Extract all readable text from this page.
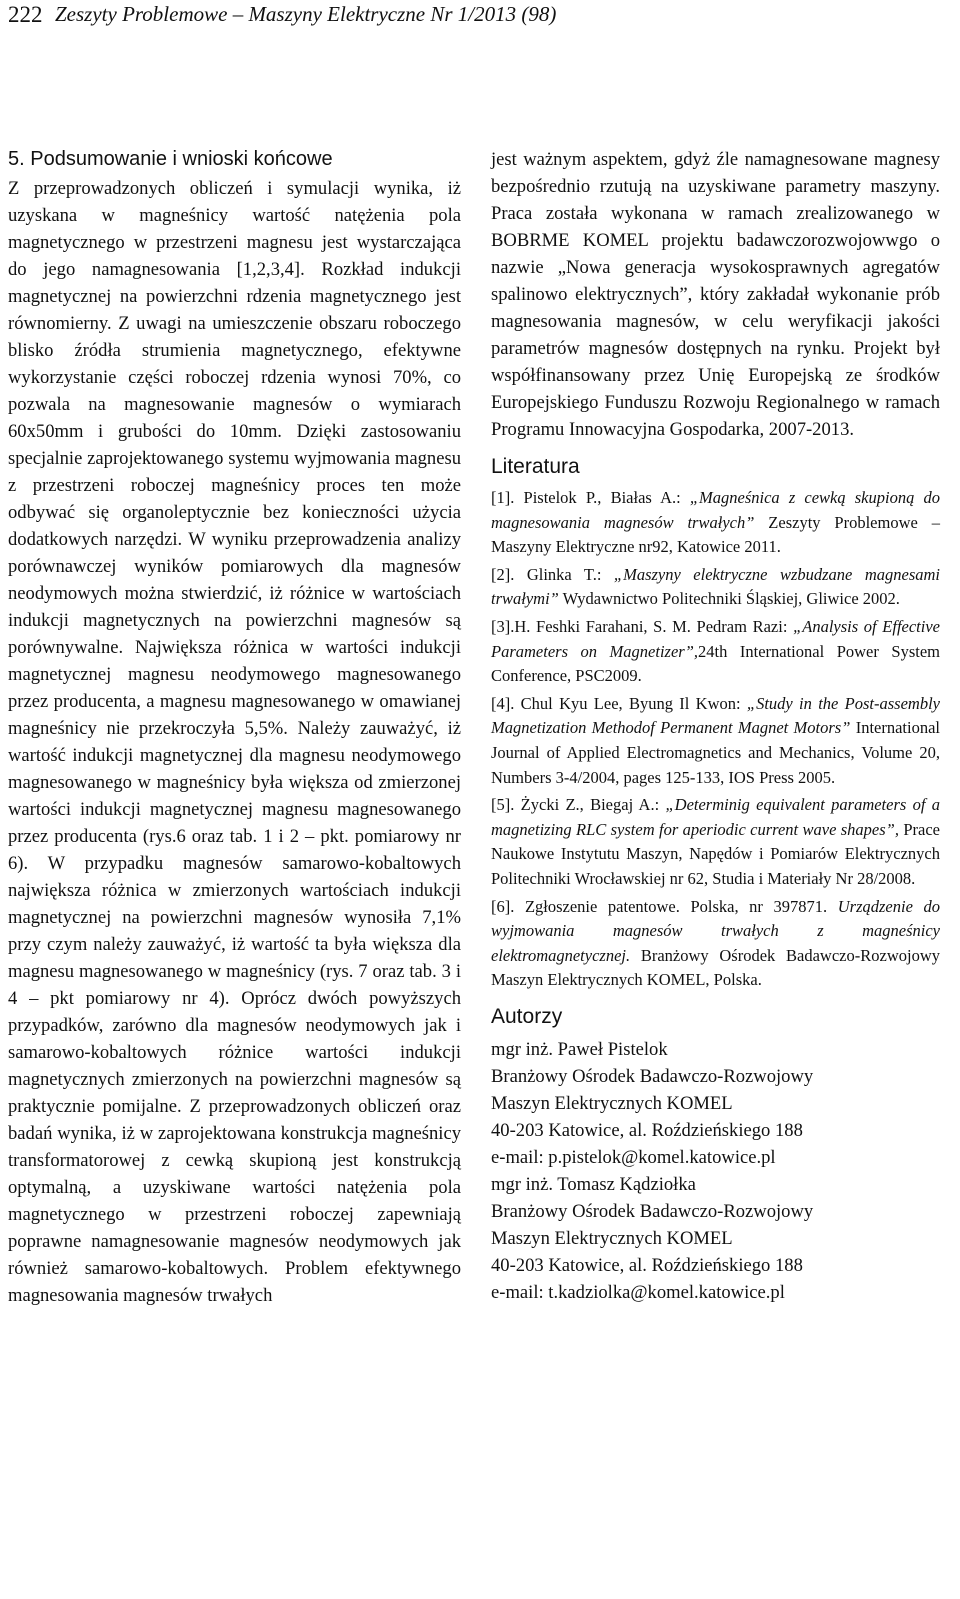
222 Zeszyty Problemowe – Maszyny Elektryczne Nr 1/2013 (98)
5. Podsumowanie i wnioski końcowe

Z przeprowadzonych obliczeń i symulacji wynika, iż uzyskana w magneśnicy wartość natężenia pola magnetycznego w przestrzeni magnesu jest wystarczająca do jego namagnesowania [1,2,3,4]. Rozkład indukcji magnetycznej na powierzchni rdzenia magnetycznego jest równomierny. Z uwagi na umieszczenie obszaru roboczego blisko źródła strumienia magnetycznego, efektywne wykorzystanie części roboczej rdzenia wynosi 70%, co pozwala na magnesowanie magnesów o wymiarach 60x50mm i grubości do 10mm. Dzięki zastosowaniu specjalnie zaprojektowanego systemu wyjmowania magnesu z przestrzeni roboczej magneśnicy proces ten może odbywać się organoleptycznie bez konieczności użycia dodatkowych narzędzi. W wyniku przeprowadzenia analizy porównawczej wyników pomiarowych dla magnesów neodymowych można stwierdzić, iż różnice w wartościach indukcji magnetycznych na powierzchni magnesów są porównywalne. Największa różnica w wartości indukcji magnetycznej magnesu neodymowego magnesowanego przez producenta, a magnesu magnesowanego w omawianej magneśnicy nie przekroczyła 5,5%. Należy zauważyć, iż wartość indukcji magnetycznej dla magnesu neodymowego magnesowanego w magneśnicy była większa od zmierzonej wartości indukcji magnetycznej magnesu magnesowanego przez producenta (rys.6 oraz tab. 1 i 2 – pkt. pomiarowy nr 6). W przypadku magnesów samarowo-kobaltowych największa różnica w zmierzonych wartościach indukcji magnetycznej na powierzchni magnesów wynosiła 7,1% przy czym należy zauważyć, iż wartość ta była większa dla magnesu magnesowanego w magneśnicy (rys. 7 oraz tab. 3 i 4 – pkt pomiarowy nr 4). Oprócz dwóch powyższych przypadków, zarówno dla magnesów neodymowych jak i samarowo-kobaltowych różnice wartości indukcji magnetycznych zmierzonych na powierzchni magnesów są praktycznie pomijalne. Z przeprowadzonych obliczeń oraz badań wynika, iż w zaprojektowana konstrukcja magneśnicy transformatorowej z cewką skupioną jest konstrukcją optymalną, a uzyskiwane wartości natężenia pola magnetycznego w przestrzeni roboczej zapewniają poprawne namagnesowanie magnesów neodymowych jak również samarowo-kobaltowych. Problem efektywnego magnesowania magnesów trwałych

jest ważnym aspektem, gdyż źle namagnesowane magnesy bezpośrednio rzutują na uzyskiwane parametry maszyny. Praca została wykonana w ramach zrealizowanego w BOBRME KOMEL projektu badawczorozwojowwgo o nazwie „Nowa generacja wysokosprawnych agregatów spalinowo elektrycznych”, który zakładał wykonanie prób magnesowania magnesów, w celu weryfikacji jakości parametrów magnesów dostępnych na rynku. Projekt był współfinansowany przez Unię Europejską ze środków Europejskiego Funduszu Rozwoju Regionalnego w ramach Programu Innowacyjna Gospodarka, 2007-2013.

Literatura

[1]. Pistelok P., Białas A.: „Magneśnica z cewką skupioną do magnesowania magnesów trwałych” Zeszyty Problemowe – Maszyny Elektryczne nr92, Katowice 2011.

[2]. Glinka T.: „Maszyny elektryczne wzbudzane magnesami trwałymi” Wydawnictwo Politechniki Śląskiej, Gliwice 2002.

[3].H. Feshki Farahani, S. M. Pedram Razi: „Analysis of Effective Parameters on Magnetizer”,24th International Power System Conference, PSC2009.

[4]. Chul Kyu Lee, Byung Il Kwon: „Study in the Post-assembly Magnetization Methodof Permanent Magnet Motors” International Journal of Applied Electromagnetics and Mechanics, Volume 20, Numbers 3-4/2004, pages 125-133, IOS Press 2005.

[5]. Życki Z., Biegaj A.: „Determinig equivalent parameters of a magnetizing RLC system for aperiodic current wave shapes”, Prace Naukowe Instytutu Maszyn, Napędów i Pomiarów Elektrycznych Politechniki Wrocławskiej nr 62, Studia i Materiały Nr 28/2008.

[6]. Zgłoszenie patentowe. Polska, nr 397871. Urządzenie do wyjmowania magnesów trwałych z magneśnicy elektromagnetycznej. Branżowy Ośrodek Badawczo-Rozwojowy Maszyn Elektrycznych KOMEL, Polska.

Autorzy

mgr inż. Paweł Pistelok

Branżowy Ośrodek Badawczo-Rozwojowy

Maszyn Elektrycznych KOMEL

40-203 Katowice, al. Roździeńskiego 188

e-mail: p.pistelok@komel.katowice.pl

mgr inż. Tomasz Kądziołka

Branżowy Ośrodek Badawczo-Rozwojowy

Maszyn Elektrycznych KOMEL

40-203 Katowice, al. Roździeńskiego 188

e-mail: t.kadziolka@komel.katowice.pl
